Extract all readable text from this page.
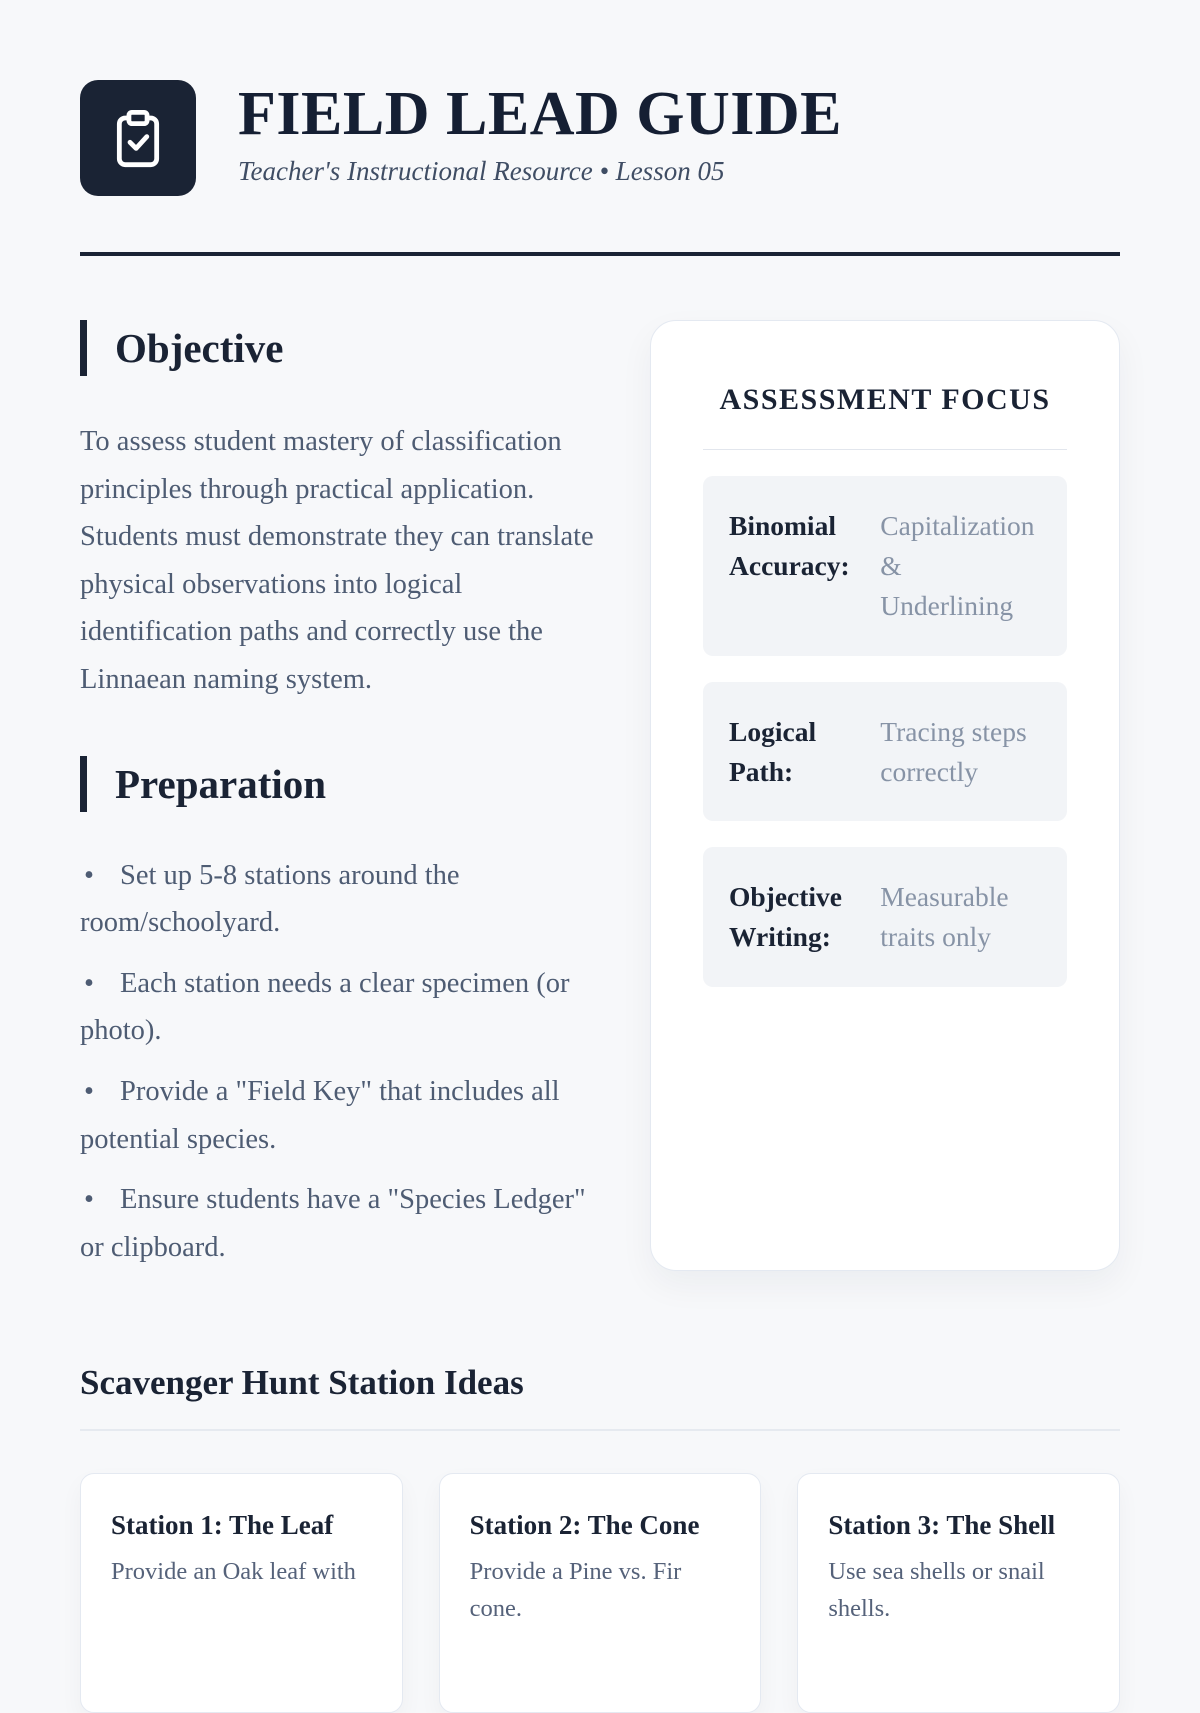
FIELD LEAD GUIDE

Teacher's Instructional Resource • Lesson 05

Objective

To assess student mastery of classification principles through practical application. Students must demonstrate they can translate physical observations into logical identification paths and correctly use the Linnaean naming system.

Preparation
• Set up 5-8 stations around the room/schoolyard.
• Each station needs a clear specimen (or photo).
• Provide a "Field Key" that includes all potential species.
• Ensure students have a "Species Ledger" or clipboard.
ASSESSMENT FOCUS
Binomial Accuracy:
Capitalization & Underlining
Logical Path:
Tracing steps correctly
Objective Writing:
Measurable traits only
Scavenger Hunt Station Ideas
Station 1: The Leaf

Provide an Oak leaf with

Station 2: The Cone

Provide a Pine vs. Fir cone.

Station 3: The Shell

Use sea shells or snail shells.
